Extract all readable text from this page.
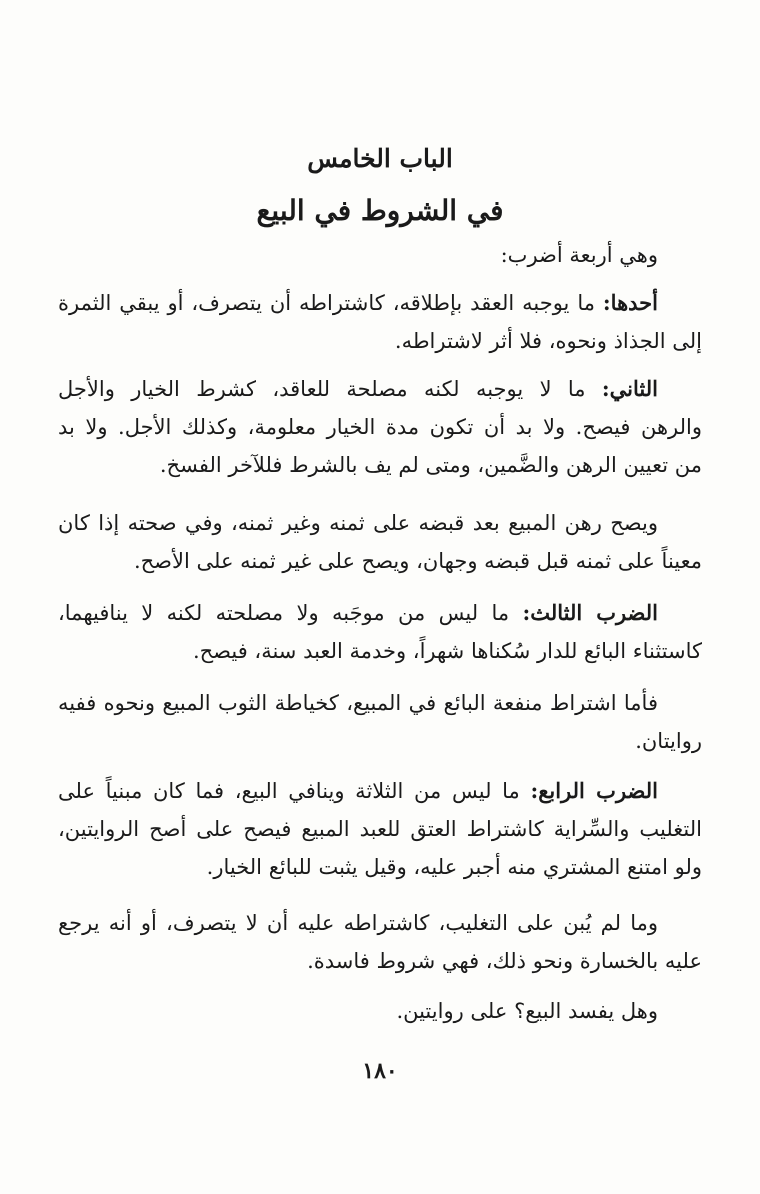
الباب الخامس
في الشروط في البيع
وهي أربعة أضرب:
أحدها: ما يوجبه العقد بإطلاقه، كاشتراطه أن يتصرف، أو يبقي الثمرة
إلى الجذاذ ونحوه، فلا أثر لاشتراطه.
الثاني: ما لا يوجبه لكنه مصلحة للعاقد، كشرط الخيار والأجل
والرهن فيصح. ولا بد أن تكون مدة الخيار معلومة، وكذلك الأجل. ولا بد
من تعيين الرهن والضَّمين، ومتى لم يف بالشرط فللآخر الفسخ.
ويصح رهن المبيع بعد قبضه على ثمنه وغير ثمنه، وفي صحته إذا كان
معيناً على ثمنه قبل قبضه وجهان، ويصح على غير ثمنه على الأصح.
الضرب الثالث: ما ليس من موجَبه ولا مصلحته لكنه لا ينافيهما،
كاستثناء البائع للدار سُكناها شهراً، وخدمة العبد سنة، فيصح.
فأما اشتراط منفعة البائع في المبيع، كخياطة الثوب المبيع ونحوه ففيه
روايتان.
الضرب الرابع: ما ليس من الثلاثة وينافي البيع، فما كان مبنياً على
التغليب والسِّراية كاشتراط العتق للعبد المبيع فيصح على أصح الروايتين،
ولو امتنع المشتري منه أجبر عليه، وقيل يثبت للبائع الخيار.
وما لم يُبن على التغليب، كاشتراطه عليه أن لا يتصرف، أو أنه يرجع
عليه بالخسارة ونحو ذلك، فهي شروط فاسدة.
وهل يفسد البيع؟ على روايتين.
١٨٠
